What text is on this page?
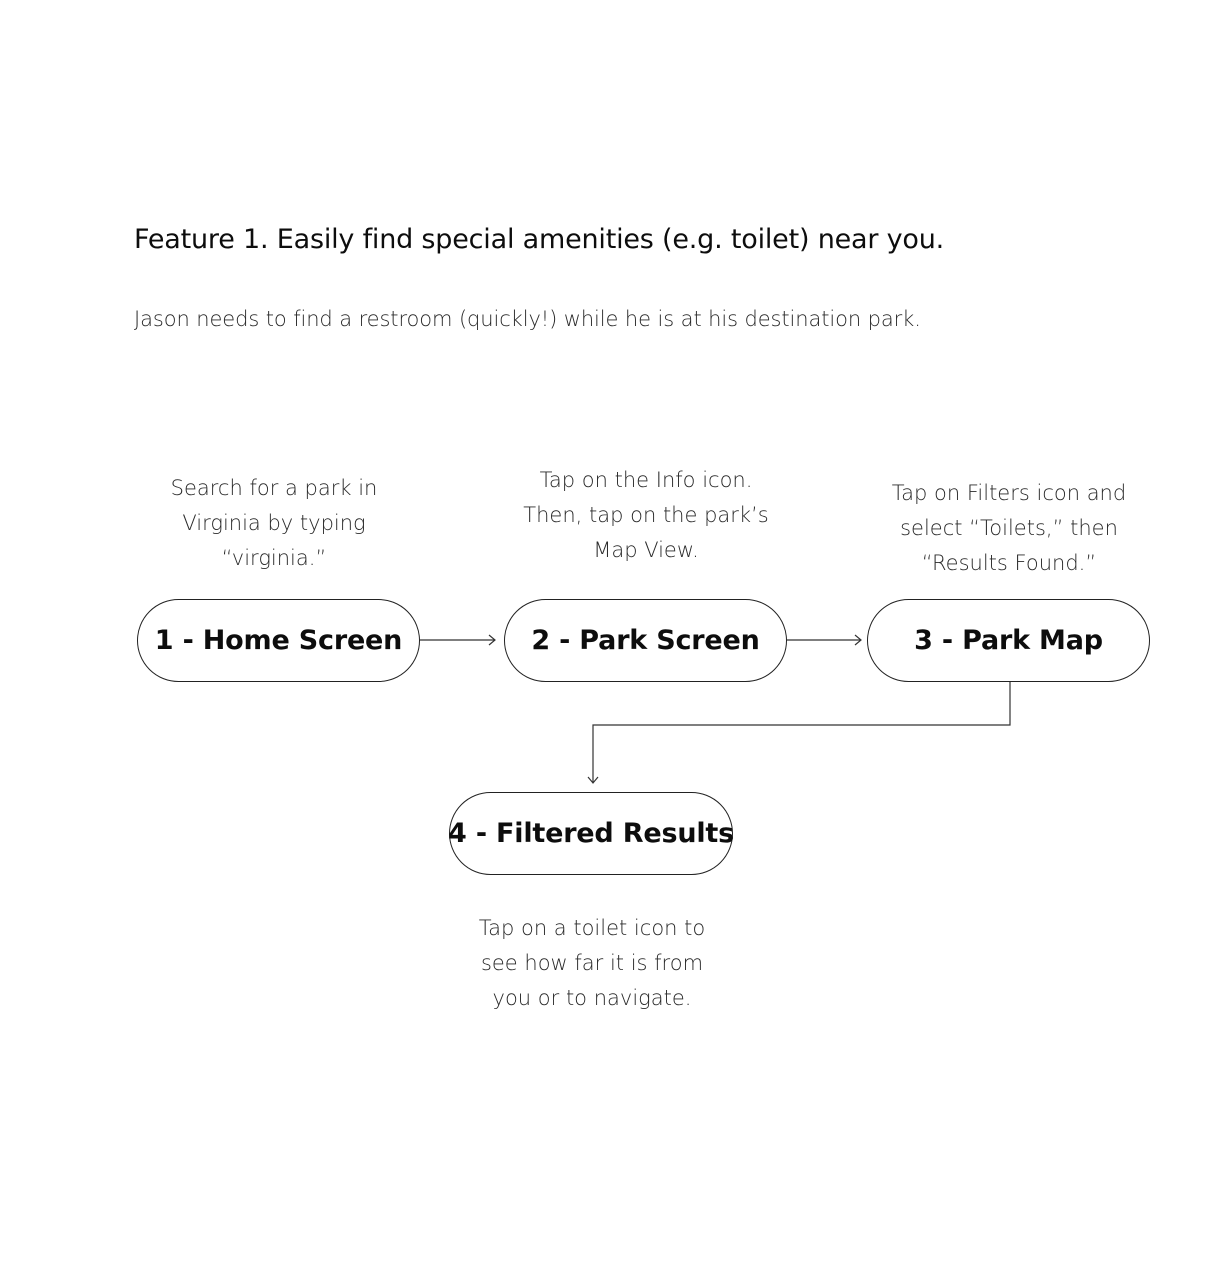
Feature 1. Easily find special amenities (e.g. toilet) near you.
Jason needs to find a restroom (quickly!) while he is at his destination park.
Search for a park in
Virginia by typing
“virginia.”
Tap on the Info icon.
Then, tap on the park’s
Map View.
Tap on Filters icon and
select “Toilets,” then
“Results Found.”
Tap on a toilet icon to
see how far it is from
you or to navigate.
1 - Home Screen	2 - Park Screen	3 - Park Map
4 - Filtered Results
